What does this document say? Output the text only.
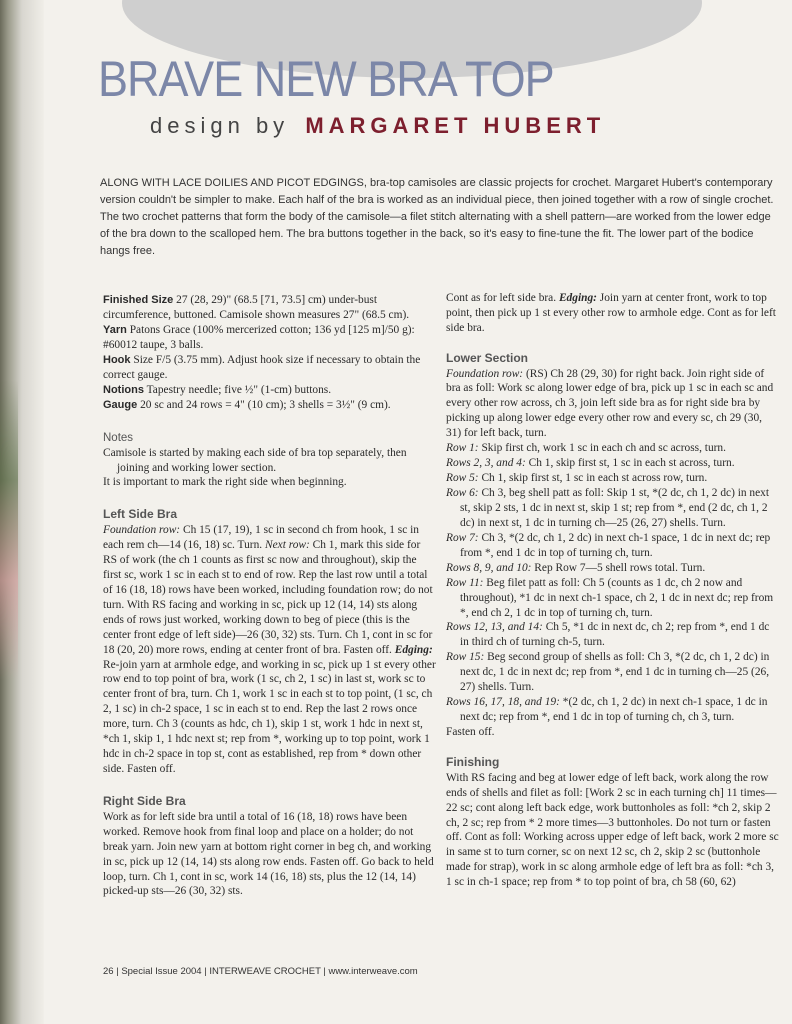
BRAVE NEW BRA TOP
design by MARGARET HUBERT

ALONG WITH LACE DOILIES AND PICOT EDGINGS, bra-top camisoles are classic projects for crochet. Margaret Hubert's contemporary version couldn't be simpler to make. Each half of the bra is worked as an individual piece, then joined together with a row of single crochet. The two crochet patterns that form the body of the camisole—a filet stitch alternating with a shell pattern—are worked from the lower edge of the bra down to the scalloped hem. The bra buttons together in the back, so it's easy to fine-tune the fit. The lower part of the bodice hangs free.

Finished Size 27 (28, 29)" (68.5 [71, 73.5] cm) under-bust circumference, buttoned. Camisole shown measures 27" (68.5 cm).

Yarn Patons Grace (100% mercerized cotton; 136 yd [125 m]/50 g): #60012 taupe, 3 balls.

Hook Size F/5 (3.75 mm). Adjust hook size if necessary to obtain the correct gauge.

Notions Tapestry needle; five ½" (1-cm) buttons.

Gauge 20 sc and 24 rows = 4" (10 cm); 3 shells = 3½" (9 cm).

Notes

Camisole is started by making each side of bra top separately, then joining and working lower section.

It is important to mark the right side when beginning.

Left Side Bra

Foundation row: Ch 15 (17, 19), 1 sc in second ch from hook, 1 sc in each rem ch—14 (16, 18) sc. Turn. Next row: Ch 1, mark this side for RS of work (the ch 1 counts as first sc now and throughout), skip the first sc, work 1 sc in each st to end of row. Rep the last row until a total of 16 (18, 18) rows have been worked, including foundation row; do not turn. With RS facing and working in sc, pick up 12 (14, 14) sts along ends of rows just worked, working down to beg of piece (this is the center front edge of left side)—26 (30, 32) sts. Turn. Ch 1, cont in sc for 18 (20, 20) more rows, ending at center front of bra. Fasten off. Edging: Re-join yarn at armhole edge, and working in sc, pick up 1 st every other row end to top point of bra, work (1 sc, ch 2, 1 sc) in last st, work sc to center front of bra, turn. Ch 1, work 1 sc in each st to top point, (1 sc, ch 2, 1 sc) in ch-2 space, 1 sc in each st to end. Rep the last 2 rows once more, turn. Ch 3 (counts as hdc, ch 1), skip 1 st, work 1 hdc in next st, *ch 1, skip 1, 1 hdc next st; rep from *, working up to top point, work 1 hdc in ch-2 space in top st, cont as established, rep from * down other side. Fasten off.

Right Side Bra

Work as for left side bra until a total of 16 (18, 18) rows have been worked. Remove hook from final loop and place on a holder; do not break yarn. Join new yarn at bottom right corner in beg ch, and working in sc, pick up 12 (14, 14) sts along row ends. Fasten off. Go back to held loop, turn. Ch 1, cont in sc, work 14 (16, 18) sts, plus the 12 (14, 14) picked-up sts—26 (30, 32) sts.

Cont as for left side bra. Edging: Join yarn at center front, work to top point, then pick up 1 st every other row to armhole edge. Cont as for left side bra.

Lower Section

Foundation row: (RS) Ch 28 (29, 30) for right back. Join right side of bra as foll: Work sc along lower edge of bra, pick up 1 sc in each sc and every other row across, ch 3, join left side bra as for right side bra by picking up along lower edge every other row and every sc, ch 29 (30, 31) for left back, turn.

Row 1: Skip first ch, work 1 sc in each ch and sc across, turn.

Rows 2, 3, and 4: Ch 1, skip first st, 1 sc in each st across, turn.

Row 5: Ch 1, skip first st, 1 sc in each st across row, turn.

Row 6: Ch 3, beg shell patt as foll: Skip 1 st, *(2 dc, ch 1, 2 dc) in next st, skip 2 sts, 1 dc in next st, skip 1 st; rep from *, end (2 dc, ch 1, 2 dc) in next st, 1 dc in turning ch—25 (26, 27) shells. Turn.

Row 7: Ch 3, *(2 dc, ch 1, 2 dc) in next ch-1 space, 1 dc in next dc; rep from *, end 1 dc in top of turning ch, turn.

Rows 8, 9, and 10: Rep Row 7—5 shell rows total. Turn.

Row 11: Beg filet patt as foll: Ch 5 (counts as 1 dc, ch 2 now and throughout), *1 dc in next ch-1 space, ch 2, 1 dc in next dc; rep from *, end ch 2, 1 dc in top of turning ch, turn.

Rows 12, 13, and 14: Ch 5, *1 dc in next dc, ch 2; rep from *, end 1 dc in third ch of turning ch-5, turn.

Row 15: Beg second group of shells as foll: Ch 3, *(2 dc, ch 1, 2 dc) in next dc, 1 dc in next dc; rep from *, end 1 dc in turning ch—25 (26, 27) shells. Turn.

Rows 16, 17, 18, and 19: *(2 dc, ch 1, 2 dc) in next ch-1 space, 1 dc in next dc; rep from *, end 1 dc in top of turning ch, ch 3, turn.

Fasten off.

Finishing

With RS facing and beg at lower edge of left back, work along the row ends of shells and filet as foll: [Work 2 sc in each turning ch] 11 times—22 sc; cont along left back edge, work buttonholes as foll: *ch 2, skip 2 ch, 2 sc; rep from * 2 more times—3 buttonholes. Do not turn or fasten off. Cont as foll: Working across upper edge of left back, work 2 more sc in same st to turn corner, sc on next 12 sc, ch 2, skip 2 sc (buttonhole made for strap), work in sc along armhole edge of left bra as foll: *ch 3, 1 sc in ch-1 space; rep from * to top point of bra, ch 58 (60, 62)

26 | Special Issue 2004 | INTERWEAVE CROCHET | www.interweave.com
